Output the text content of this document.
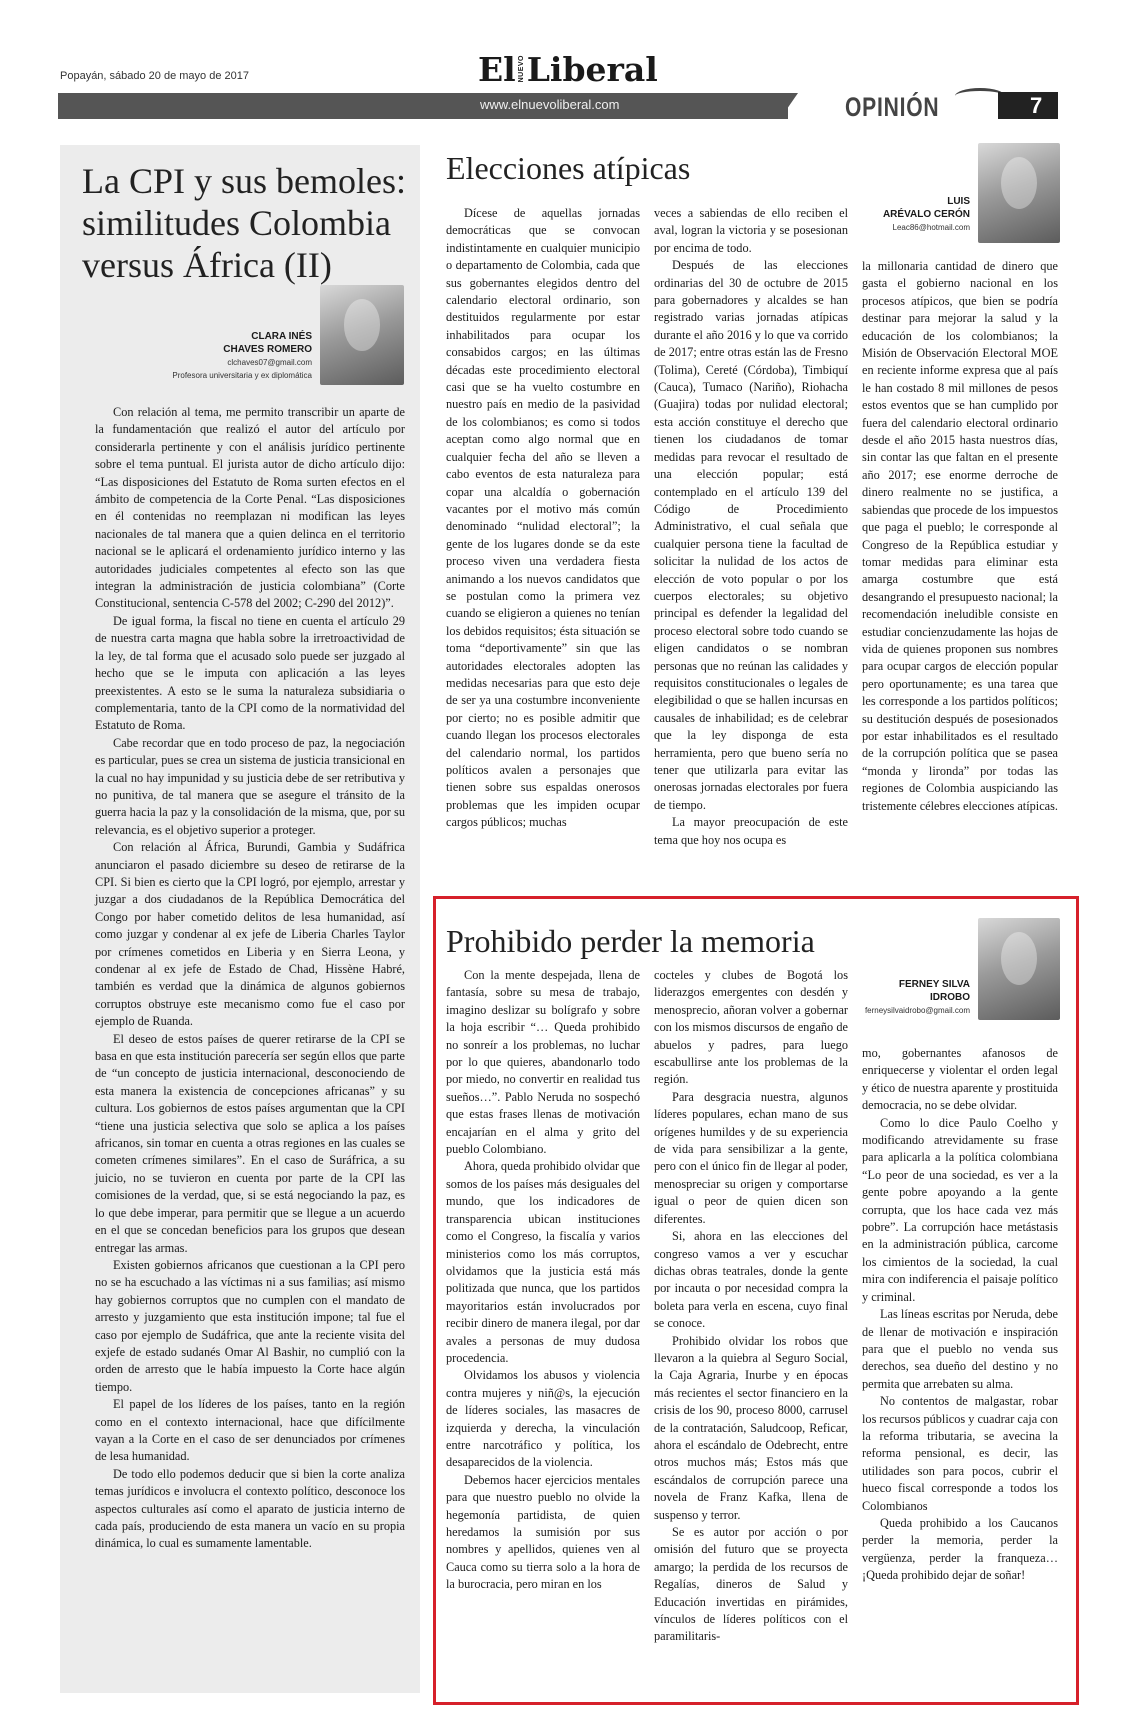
Popayán, sábado 20 de mayo de 2017	El NUEVO Liberal
www.elnuevoliberal.com	OPINIÓN	7
La CPI y sus bemoles: similitudes Colombia versus África (II)
CLARA INÉS
CHAVES ROMERO
clchaves07@gmail.com
Profesora universitaria y ex diplomática

Con relación al tema, me permito transcribir un aparte de la fundamentación que realizó el autor del artículo por considerarla pertinente y con el análisis jurídico pertinente sobre el tema puntual. El jurista autor de dicho artículo dijo: “Las disposiciones del Estatuto de Roma surten efectos en el ámbito de competencia de la Corte Penal. “Las disposiciones en él contenidas no reemplazan ni modifican las leyes nacionales de tal manera que a quien delinca en el territorio nacional se le aplicará el ordenamiento jurídico interno y las autoridades judiciales competentes al efecto son las que integran la administración de justicia colombiana” (Corte Constitucional, sentencia C-578 del 2002; C-290 del 2012)”.

De igual forma, la fiscal no tiene en cuenta el artículo 29 de nuestra carta magna que habla sobre la irretroactividad de la ley, de tal forma que el acusado solo puede ser juzgado al hecho que se le imputa con aplicación a las leyes preexistentes. A esto se le suma la naturaleza subsidiaria o complementaria, tanto de la CPI como de la normatividad del Estatuto de Roma.

Cabe recordar que en todo proceso de paz, la negociación es particular, pues se crea un sistema de justicia transicional en la cual no hay impunidad y su justicia debe de ser retributiva y no punitiva, de tal manera que se asegure el tránsito de la guerra hacia la paz y la consolidación de la misma, que, por su relevancia, es el objetivo superior a proteger.

Con relación al África, Burundi, Gambia y Sudáfrica anunciaron el pasado diciembre su deseo de retirarse de la CPI. Si bien es cierto que la CPI logró, por ejemplo, arrestar y juzgar a dos ciudadanos de la República Democrática del Congo por haber cometido delitos de lesa humanidad, así como juzgar y condenar al ex jefe de Liberia Charles Taylor por crímenes cometidos en Liberia y en Sierra Leona, y condenar al ex jefe de Estado de Chad, Hissène Habré, también es verdad que la dinámica de algunos gobiernos corruptos obstruye este mecanismo como fue el caso por ejemplo de Ruanda.

El deseo de estos países de querer retirarse de la CPI se basa en que esta institución parecería ser según ellos que parte de “un concepto de justicia internacional, desconociendo de esta manera la existencia de concepciones africanas” y su cultura. Los gobiernos de estos países argumentan que la CPI “tiene una justicia selectiva que solo se aplica a los países africanos, sin tomar en cuenta a otras regiones en las cuales se cometen crímenes similares”. En el caso de Suráfrica, a su juicio, no se tuvieron en cuenta por parte de la CPI las comisiones de la verdad, que, si se está negociando la paz, es lo que debe imperar, para permitir que se llegue a un acuerdo en el que se concedan beneficios para los grupos que desean entregar las armas.

Existen gobiernos africanos que cuestionan a la CPI pero no se ha escuchado a las víctimas ni a sus familias; así mismo hay gobiernos corruptos que no cumplen con el mandato de arresto y juzgamiento que esta institución impone; tal fue el caso por ejemplo de Sudáfrica, que ante la reciente visita del exjefe de estado sudanés Omar Al Bashir, no cumplió con la orden de arresto que le había impuesto la Corte hace algún tiempo.

El papel de los líderes de los países, tanto en la región como en el contexto internacional, hace que difícilmente vayan a la Corte en el caso de ser denunciados por crímenes de lesa humanidad.

De todo ello podemos deducir que si bien la corte analiza temas jurídicos e involucra el contexto político, desconoce los aspectos culturales así como el aparato de justicia interno de cada país, produciendo de esta manera un vacío en su propia dinámica, lo cual es sumamente lamentable.

Elecciones atípicas
LUIS
ARÉVALO CERÓN
Leac86@hotmail.com

Dícese de aquellas jornadas democráticas que se convocan indistintamente en cualquier municipio o departamento de Colombia, cada que sus gobernantes elegidos dentro del calendario electoral ordinario, son destituidos regularmente por estar inhabilitados para ocupar los consabidos cargos; en las últimas décadas este procedimiento electoral casi que se ha vuelto costumbre en nuestro país en medio de la pasividad de los colombianos; es como si todos aceptan como algo normal que en cualquier fecha del año se lleven a cabo eventos de esta naturaleza para copar una alcaldía o gobernación vacantes por el motivo más común denominado “nulidad electoral”; la gente de los lugares donde se da este proceso viven una verdadera fiesta animando a los nuevos candidatos que se postulan como la primera vez cuando se eligieron a quienes no tenían los debidos requisitos; ésta situación se toma “deportivamente” sin que las autoridades electorales adopten las medidas necesarias para que esto deje de ser ya una costumbre inconveniente por cierto; no es posible admitir que cuando llegan los procesos electorales del calendario normal, los partidos políticos avalen a personajes que tienen sobre sus espaldas onerosos problemas que les impiden ocupar cargos públicos; muchas

veces a sabiendas de ello reciben el aval, logran la victoria y se posesionan por encima de todo.

Después de las elecciones ordinarias del 30 de octubre de 2015 para gobernadores y alcaldes se han registrado varias jornadas atípicas durante el año 2016 y lo que va corrido de 2017; entre otras están las de Fresno (Tolima), Cereté (Córdoba), Timbiquí (Cauca), Tumaco (Nariño), Riohacha (Guajira) todas por nulidad electoral; esta acción constituye el derecho que tienen los ciudadanos de tomar medidas para revocar el resultado de una elección popular; está contemplado en el artículo 139 del Código de Procedimiento Administrativo, el cual señala que cualquier persona tiene la facultad de solicitar la nulidad de los actos de elección de voto popular o por los cuerpos electorales; su objetivo principal es defender la legalidad del proceso electoral sobre todo cuando se eligen candidatos o se nombran personas que no reúnan las calidades y requisitos constitucionales o legales de elegibilidad o que se hallen incursas en causales de inhabilidad; es de celebrar que la ley disponga de esta herramienta, pero que bueno sería no tener que utilizarla para evitar las onerosas jornadas electorales por fuera de tiempo.

La mayor preocupación de este tema que hoy nos ocupa es

la millonaria cantidad de dinero que gasta el gobierno nacional en los procesos atípicos, que bien se podría destinar para mejorar la salud y la educación de los colombianos; la Misión de Observación Electoral MOE en reciente informe expresa que al país le han costado 8 mil millones de pesos estos eventos que se han cumplido por fuera del calendario electoral ordinario desde el año 2015 hasta nuestros días, sin contar las que faltan en el presente año 2017; ese enorme derroche de dinero realmente no se justifica, a sabiendas que procede de los impuestos que paga el pueblo; le corresponde al Congreso de la República estudiar y tomar medidas para eliminar esta amarga costumbre que está desangrando el presupuesto nacional; la recomendación ineludible consiste en estudiar concienzudamente las hojas de vida de quienes proponen sus nombres para ocupar cargos de elección popular pero oportunamente; es una tarea que les corresponde a los partidos políticos; su destitución después de posesionados por estar inhabilitados es el resultado de la corrupción política que se pasea “monda y lironda” por todas las regiones de Colombia auspiciando las tristemente célebres elecciones atípicas.

Prohibido perder la memoria
FERNEY SILVA
IDROBO
ferneysilvaidrobo@gmail.com

Con la mente despejada, llena de fantasía, sobre su mesa de trabajo, imagino deslizar su bolígrafo y sobre la hoja escribir “… Queda prohibido no sonreír a los problemas, no luchar por lo que quieres, abandonarlo todo por miedo, no convertir en realidad tus sueños…”. Pablo Neruda no sospechó que estas frases llenas de motivación encajarían en el alma y grito del pueblo Colombiano.

Ahora, queda prohibido olvidar que somos de los países más desiguales del mundo, que los indicadores de transparencia ubican instituciones como el Congreso, la fiscalía y varios ministerios como los más corruptos, olvidamos que la justicia está más politizada que nunca, que los partidos mayoritarios están involucrados por recibir dinero de manera ilegal, por dar avales a personas de muy dudosa procedencia.

Olvidamos los abusos y violencia contra mujeres y niñ@s, la ejecución de líderes sociales, las masacres de izquierda y derecha, la vinculación entre narcotráfico y política, los desaparecidos de la violencia.

Debemos hacer ejercicios mentales para que nuestro pueblo no olvide la hegemonía partidista, de quien heredamos la sumisión por sus nombres y apellidos, quienes ven al Cauca como su tierra solo a la hora de la burocracia, pero miran en los

cocteles y clubes de Bogotá los liderazgos emergentes con desdén y menosprecio, añoran volver a gobernar con los mismos discursos de engaño de abuelos y padres, para luego escabullirse ante los problemas de la región.

Para desgracia nuestra, algunos líderes populares, echan mano de sus orígenes humildes y de su experiencia de vida para sensibilizar a la gente, pero con el único fin de llegar al poder, menospreciar su origen y comportarse igual o peor de quien dicen son diferentes.

Si, ahora en las elecciones del congreso vamos a ver y escuchar dichas obras teatrales, donde la gente por incauta o por necesidad compra la boleta para verla en escena, cuyo final se conoce.

Prohibido olvidar los robos que llevaron a la quiebra al Seguro Social, la Caja Agraria, Inurbe y en épocas más recientes el sector financiero en la crisis de los 90, proceso 8000, carrusel de la contratación, Saludcoop, Reficar, ahora el escándalo de Odebrecht, entre otros muchos más; Estos más que escándalos de corrupción parece una novela de Franz Kafka, llena de suspenso y terror.

Se es autor por acción o por omisión del futuro que se proyecta amargo; la perdida de los recursos de Regalías, dineros de Salud y Educación invertidas en pirámides, vínculos de líderes políticos con el paramilitaris-

mo, gobernantes afanosos de enriquecerse y violentar el orden legal y ético de nuestra aparente y prostituida democracia, no se debe olvidar.

Como lo dice Paulo Coelho y modificando atrevidamente su frase para aplicarla a la política colombiana “Lo peor de una sociedad, es ver a la gente pobre apoyando a la gente corrupta, que los hace cada vez más pobre”. La corrupción hace metástasis en la administración pública, carcome los cimientos de la sociedad, la cual mira con indiferencia el paisaje político y criminal.

Las líneas escritas por Neruda, debe de llenar de motivación e inspiración para que el pueblo no venda sus derechos, sea dueño del destino y no permita que arrebaten su alma.

No contentos de malgastar, robar los recursos públicos y cuadrar caja con la reforma tributaria, se avecina la reforma pensional, es decir, las utilidades son para pocos, cubrir el hueco fiscal corresponde a todos los Colombianos

Queda prohibido a los Caucanos perder la memoria, perder la vergüenza, perder la franqueza… ¡Queda prohibido dejar de soñar!
